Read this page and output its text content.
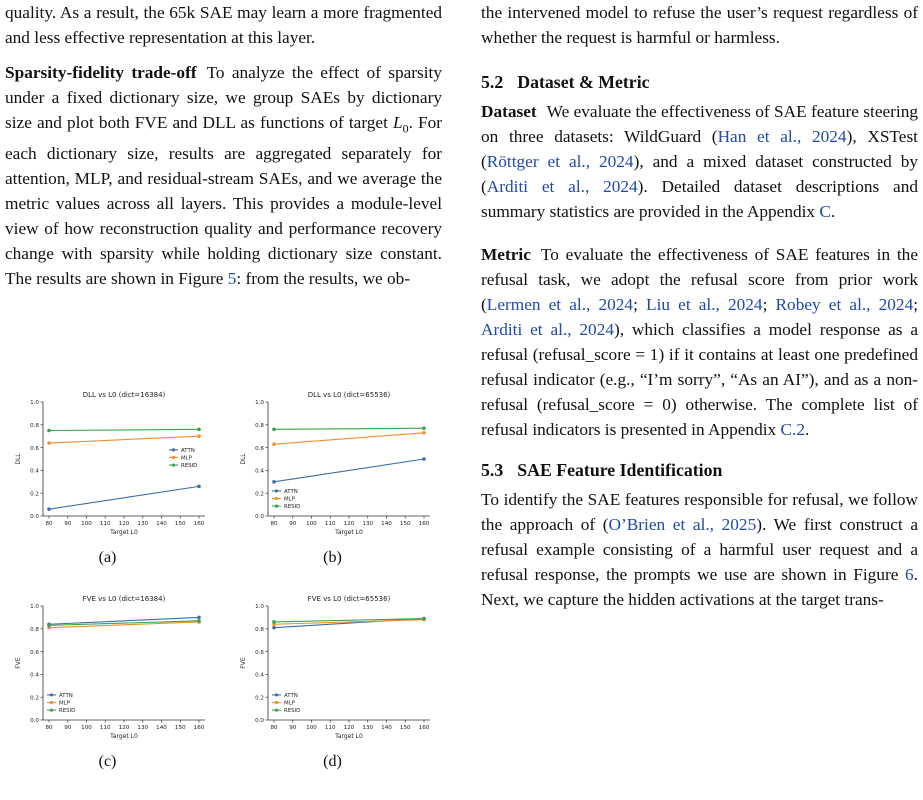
quality. As a result, the 65k SAE may learn a more fragmented and less effective representation at this layer.

Sparsity-fidelity trade-off To analyze the effect of sparsity under a fixed dictionary size, we group SAEs by dictionary size and plot both FVE and DLL as functions of target $L_0$. For each dictionary size, results are aggregated separately for attention, MLP, and residual-stream SAEs, and we average the metric values across all layers. This provides a module-level view of how reconstruction quality and performance recovery change with sparsity while holding dictionary size constant. The results are shown in Figure 5: from the results, we ob-

DLL vs L0 (dict=16384)
0.0
0.2
0.4
0.6
0.8
1.0
80 90 100 110 120 130 140 150 160
Target L0
DLL
ATTN
MLP
RESID
(a)
DLL vs L0 (dict=65536)
0.0
0.2
0.4
0.6
0.8
1.0
80 90 100 110 120 130 140 150 160
Target L0
DLL
ATTN
MLP
RESID
(b)
FVE vs L0 (dict=16384)
0.0
0.2
0.4
0.6
0.8
1.0
80 90 100 110 120 130 140 150 160
Target L0
FVE
ATTN
MLP
RESID
(c)
FVE vs L0 (dict=65536)
0.0
0.2
0.4
0.6
0.8
1.0
80 90 100 110 120 130 140 150 160
Target L0
FVE
ATTN
MLP
RESID
(d)

the intervened model to refuse the user’s request regardless of whether the request is harmful or harmless.

5.2 Dataset & Metric

Dataset We evaluate the effectiveness of SAE feature steering on three datasets: WildGuard (Han et al., 2024), XSTest (Röttger et al., 2024), and a mixed dataset constructed by (Arditi et al., 2024). Detailed dataset descriptions and summary statistics are provided in the Appendix C.

Metric To evaluate the effectiveness of SAE features in the refusal task, we adopt the refusal score from prior work (Lermen et al., 2024; Liu et al., 2024; Robey et al., 2024; Arditi et al., 2024), which classifies a model response as a refusal (refusal_score = 1) if it contains at least one predefined refusal indicator (e.g., “I’m sorry”, “As an AI”), and as a non-refusal (refusal_score = 0) otherwise. The complete list of refusal indicators is presented in Appendix C.2.

5.3 SAE Feature Identification

To identify the SAE features responsible for refusal, we follow the approach of (O’Brien et al., 2025). We first construct a refusal example consisting of a harmful user request and a refusal response, the prompts we use are shown in Figure 6. Next, we capture the hidden activations at the target trans-
